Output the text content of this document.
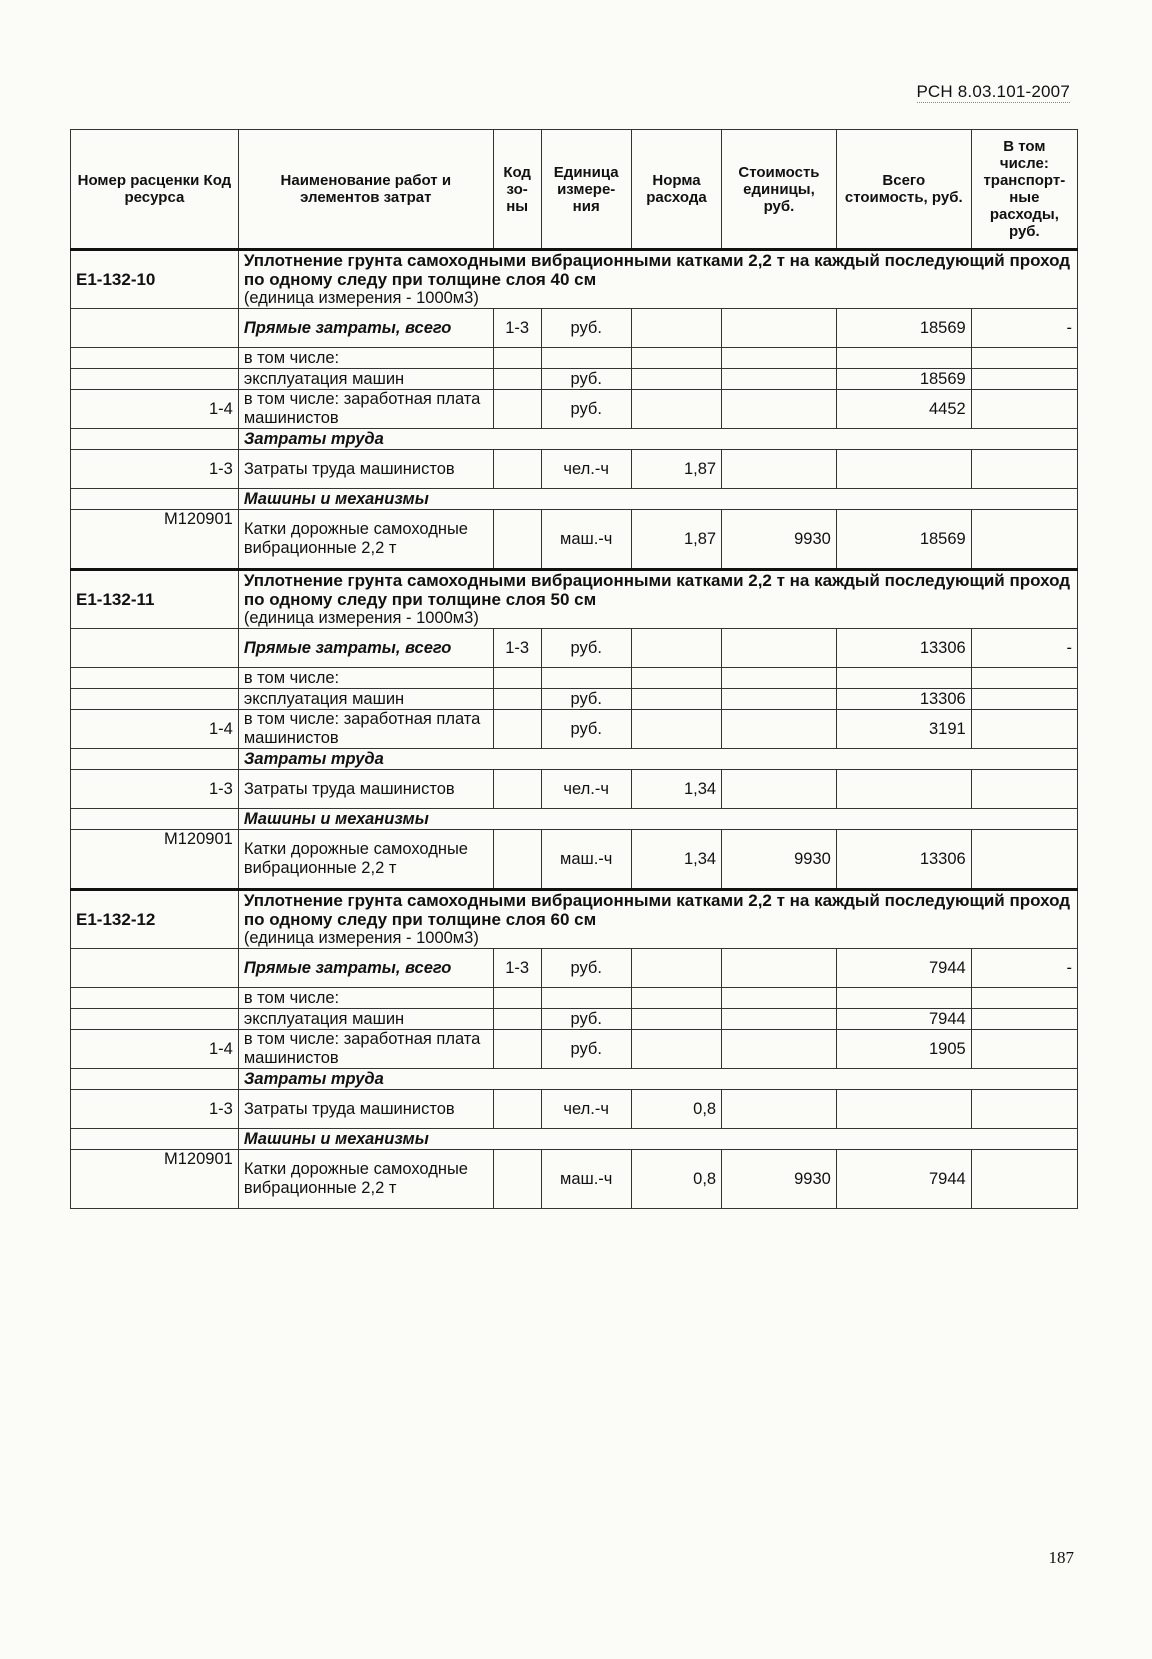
РСН 8.03.101-2007
Номер расценки Код ресурса	Наименование работ и элементов затрат	Код зо- ны	Единица измере- ния	Норма расхода	Стоимость единицы, руб.	Всего стоимость, руб.	В том числе: транспорт- ные расходы, руб.
Е1-132-10	Уплотнение грунта самоходными вибрационными катками 2,2 т на каждый последующий проход по одному следу при толщине слоя 40 см
(единица измерения - 1000м3)						

	Прямые затраты, всего	1-3	руб.			18569	-
	в том числе:						
	эксплуатация машин		руб.			18569	
1-4	в том числе: заработная плата машинистов		руб.			4452	
	Затраты труда						
1-3	Затраты труда машинистов		чел.-ч	1,87			
	Машины и механизмы						
М120901	Катки дорожные самоходные вибрационные 2,2 т		маш.-ч	1,87	9930	18569	
Е1-132-11	Уплотнение грунта самоходными вибрационными катками 2,2 т на каждый последующий проход по одному следу при толщине слоя 50 см
(единица измерения - 1000м3)						

	Прямые затраты, всего	1-3	руб.			13306	-
	в том числе:						
	эксплуатация машин		руб.			13306	
1-4	в том числе: заработная плата машинистов		руб.			3191	
	Затраты труда						
1-3	Затраты труда машинистов		чел.-ч	1,34			
	Машины и механизмы						
М120901	Катки дорожные самоходные вибрационные 2,2 т		маш.-ч	1,34	9930	13306	
Е1-132-12	Уплотнение грунта самоходными вибрационными катками 2,2 т на каждый последующий проход по одному следу при толщине слоя 60 см
(единица измерения - 1000м3)						

	Прямые затраты, всего	1-3	руб.			7944	-
	в том числе:						
	эксплуатация машин		руб.			7944	
1-4	в том числе: заработная плата машинистов		руб.			1905	
	Затраты труда						
1-3	Затраты труда машинистов		чел.-ч	0,8			
	Машины и механизмы						
М120901	Катки дорожные самоходные вибрационные 2,2 т		маш.-ч	0,8	9930	7944	
187
